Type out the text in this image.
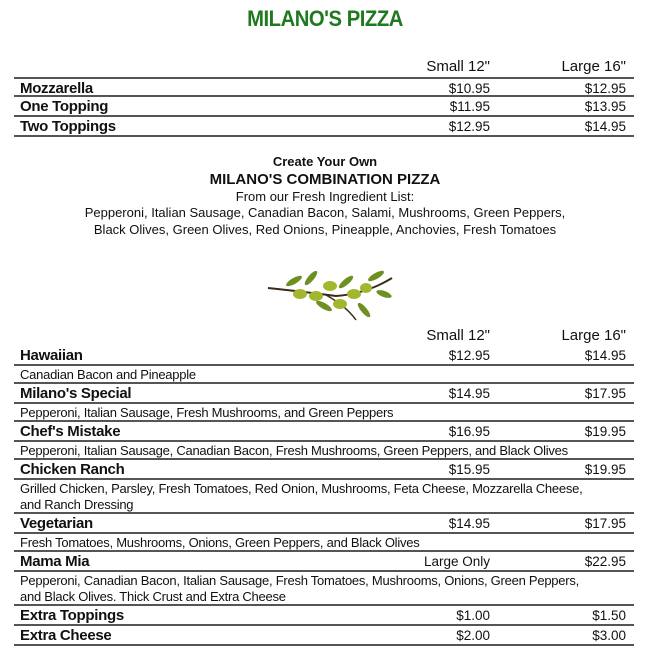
MILANO'S PIZZA
Small 12"	Large 16"
Mozzarella	$10.95	$12.95
One Topping	$11.95	$13.95
Two Toppings	$12.95	$14.95
Create Your Own
MILANO'S COMBINATION PIZZA
From our Fresh Ingredient List:
Pepperoni, Italian Sausage, Canadian Bacon, Salami, Mushrooms, Green Peppers,
Black Olives, Green Olives, Red Onions, Pineapple, Anchovies, Fresh Tomatoes
Small 12"	Large 16"
Hawaiian	$12.95	$14.95
Canadian Bacon and Pineapple
Milano's Special	$14.95	$17.95
Pepperoni, Italian Sausage, Fresh Mushrooms, and Green Peppers
Chef's Mistake	$16.95	$19.95
Pepperoni, Italian Sausage, Canadian Bacon, Fresh Mushrooms, Green Peppers, and Black Olives
Chicken Ranch	$15.95	$19.95
Grilled Chicken, Parsley, Fresh Tomatoes, Red Onion, Mushrooms, Feta Cheese, Mozzarella Cheese,
and Ranch Dressing
Vegetarian	$14.95	$17.95
Fresh Tomatoes, Mushrooms, Onions, Green Peppers, and Black Olives
Mama Mia	Large Only	$22.95
Pepperoni, Canadian Bacon, Italian Sausage, Fresh Tomatoes, Mushrooms, Onions, Green Peppers,
and Black Olives. Thick Crust and Extra Cheese
Extra Toppings	$1.00	$1.50
Extra Cheese	$2.00	$3.00
